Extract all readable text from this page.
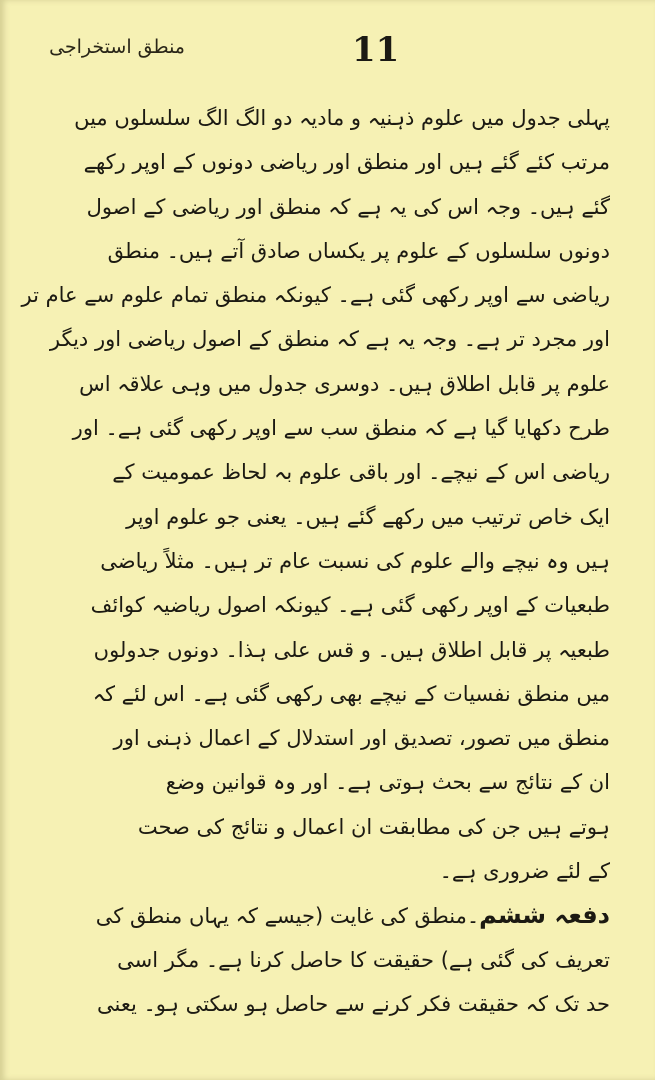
11
منطق استخراجی
پہلی جدول میں علوم ذہنیہ و مادیہ دو الگ الگ سلسلوں میں
مرتب کئے گئے ہیں اور منطق اور ریاضی دونوں کے اوپر رکھے
گئے ہیں۔ وجہ اس کی یہ ہے کہ منطق اور ریاضی کے اصول
دونوں سلسلوں کے علوم پر یکساں صادق آتے ہیں۔ منطق
ریاضی سے اوپر رکھی گئی ہے۔ کیونکہ منطق تمام علوم سے عام تر
اور مجرد تر ہے۔ وجہ یہ ہے کہ منطق کے اصول ریاضی اور دیگر
علوم پر قابل اطلاق ہیں۔ دوسری جدول میں وہی علاقہ اس
طرح دکھایا گیا ہے کہ منطق سب سے اوپر رکھی گئی ہے۔ اور
ریاضی اس کے نیچے۔ اور باقی علوم بہ لحاظ عمومیت کے
ایک خاص ترتیب میں رکھے گئے ہیں۔ یعنی جو علوم اوپر
ہیں وہ نیچے والے علوم کی نسبت عام تر ہیں۔ مثلاً ریاضی
طبعیات کے اوپر رکھی گئی ہے۔ کیونکہ اصول ریاضیہ کوائف
طبعیہ پر قابل اطلاق ہیں۔ و قس علی ہذا۔ دونوں جدولوں
میں منطق نفسیات کے نیچے بھی رکھی گئی ہے۔ اس لئے کہ
منطق میں تصور، تصدیق اور استدلال کے اعمال ذہنی اور
ان کے نتائج سے بحث ہوتی ہے۔ اور وہ قوانین وضع
ہوتے ہیں جن کی مطابقت ان اعمال و نتائج کی صحت
کے لئے ضروری ہے۔
دفعہ ششم۔منطق کی غایت (جیسے کہ یہاں منطق کی
تعریف کی گئی ہے) حقیقت کا حاصل کرنا ہے۔ مگر اسی
حد تک کہ حقیقت فکر کرنے سے حاصل ہو سکتی ہو۔ یعنی
